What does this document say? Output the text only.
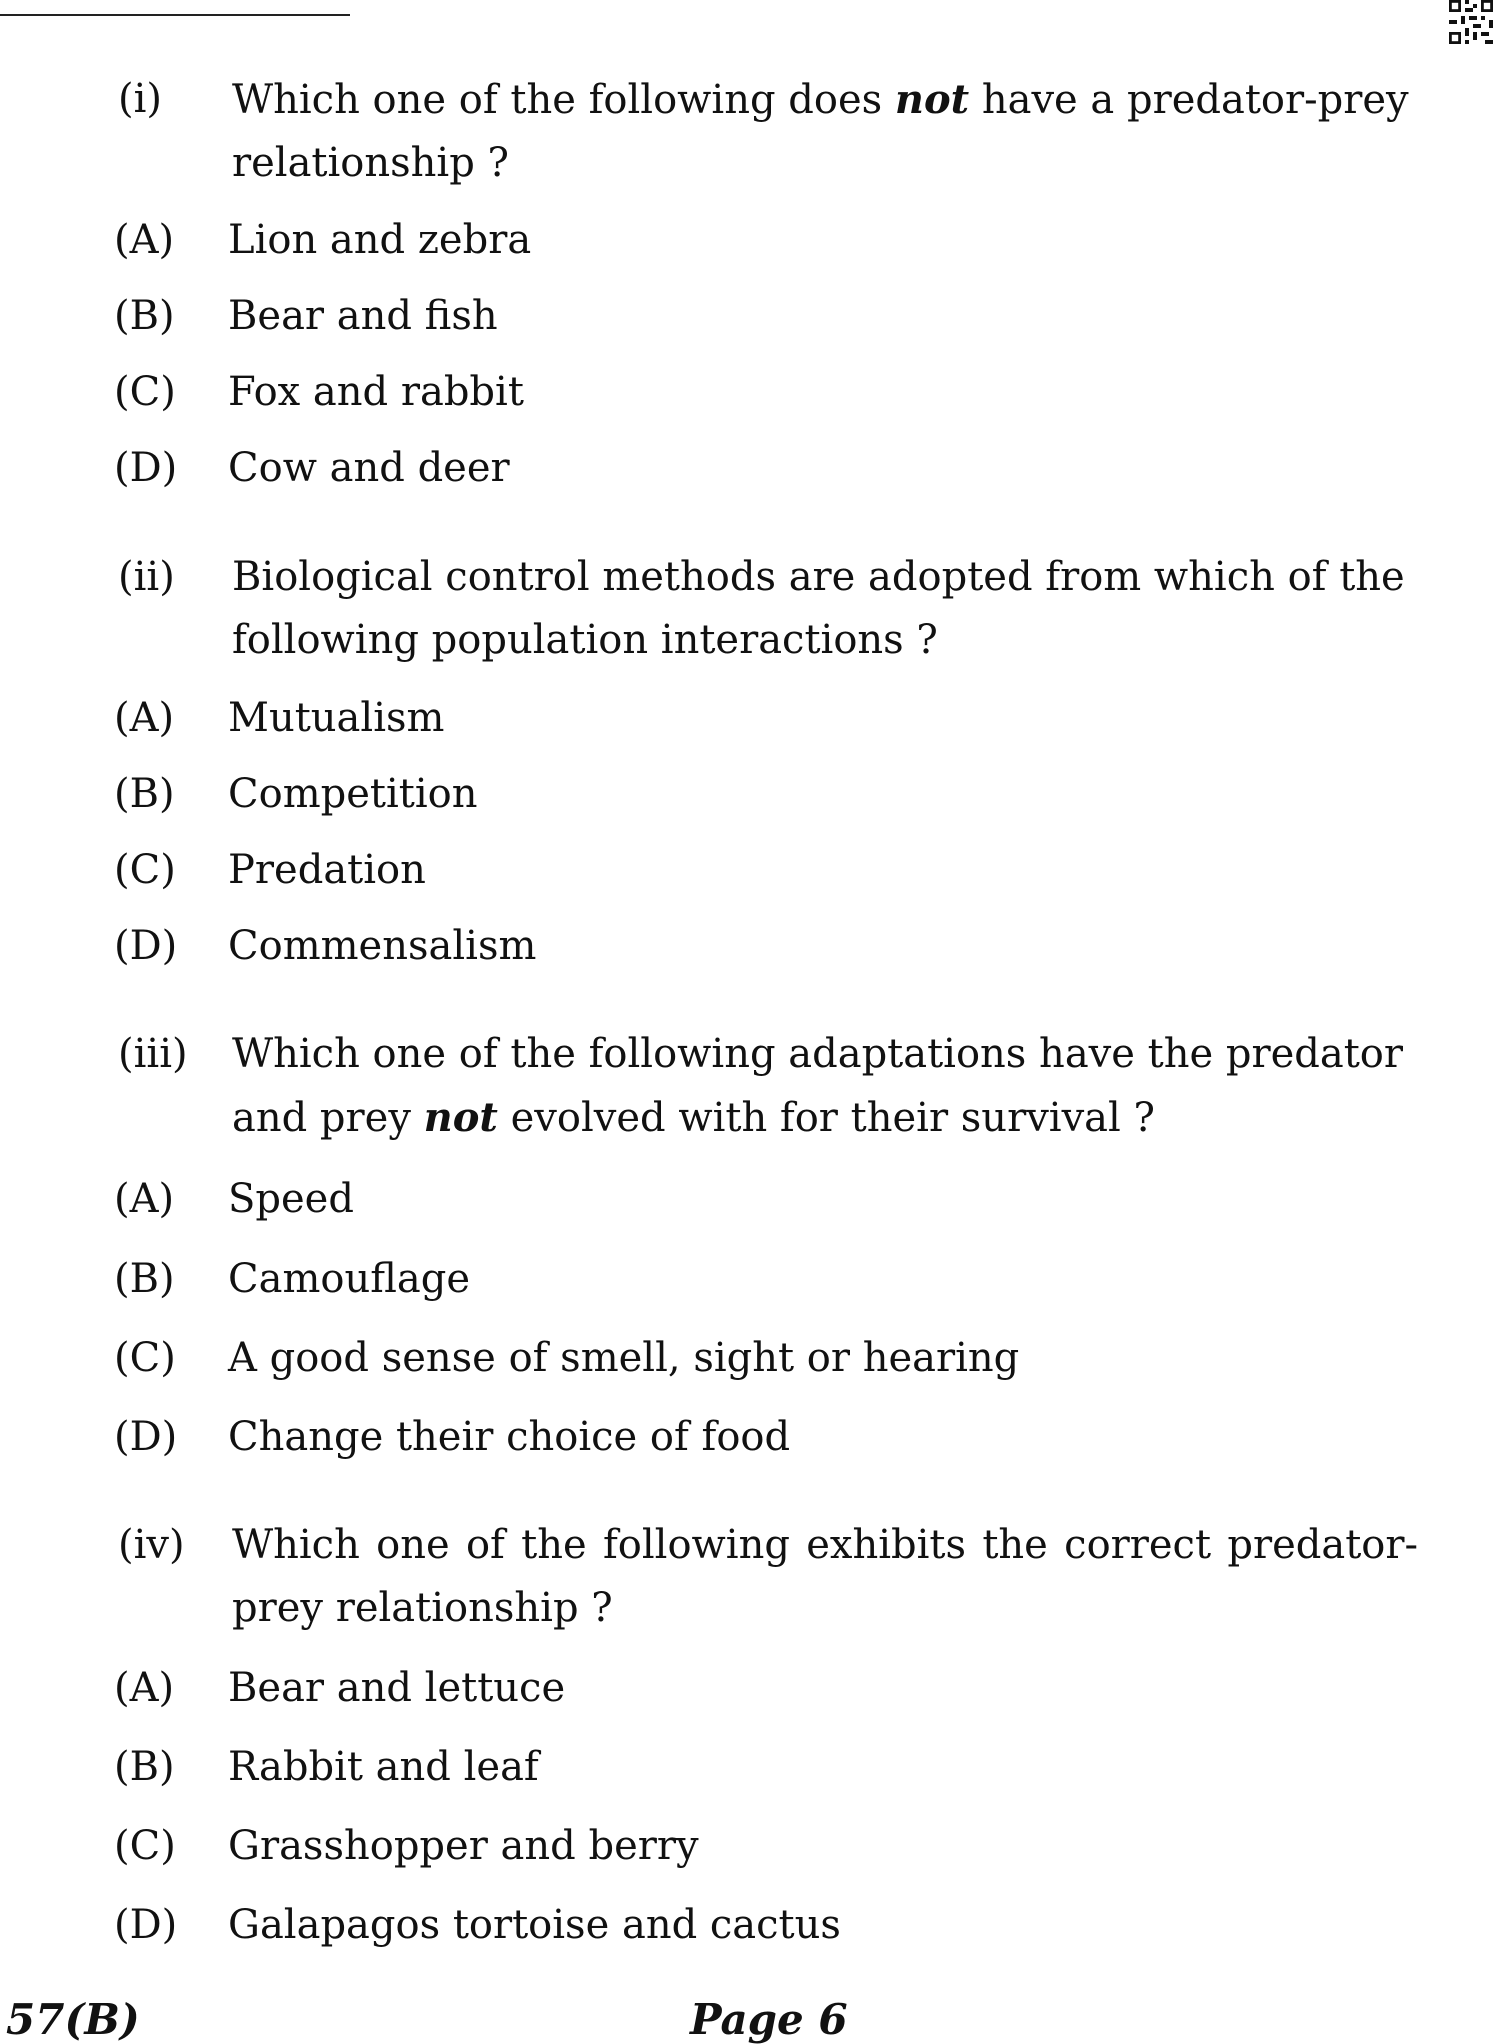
(i) Which one of the following does not have a predator-prey relationship ?
(A) Lion and zebra
(B) Bear and fish
(C) Fox and rabbit
(D) Cow and deer
(ii) Biological control methods are adopted from which of the following population interactions ?
(A) Mutualism
(B) Competition
(C) Predation
(D) Commensalism
(iii) Which one of the following adaptations have the predator and prey not evolved with for their survival ?
(A) Speed
(B) Camouflage
(C) A good sense of smell, sight or hearing
(D) Change their choice of food
(iv) Which one of the following exhibits the correct predator-prey relationship ?
(A) Bear and lettuce
(B) Rabbit and leaf
(C) Grasshopper and berry
(D) Galapagos tortoise and cactus
57(B)	Page 6
